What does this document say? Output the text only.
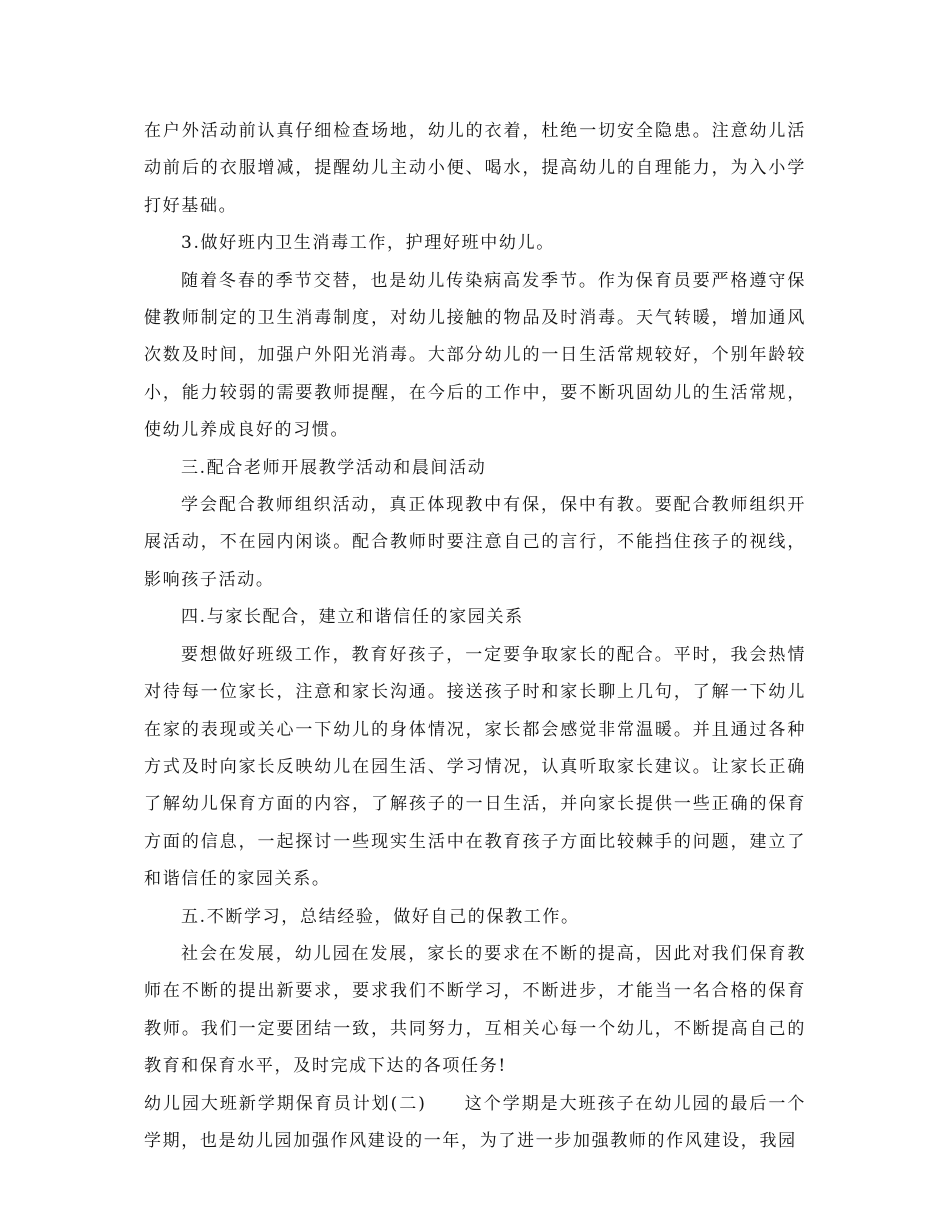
在户外活动前认真仔细检查场地，幼儿的衣着，杜绝一切安全隐患。注意幼儿活动前后的衣服增减，提醒幼儿主动小便、喝水，提高幼儿的自理能力，为入小学打好基础。

3.做好班内卫生消毒工作，护理好班中幼儿。

随着冬春的季节交替，也是幼儿传染病高发季节。作为保育员要严格遵守保健教师制定的卫生消毒制度，对幼儿接触的物品及时消毒。天气转暖，增加通风次数及时间，加强户外阳光消毒。大部分幼儿的一日生活常规较好，个别年龄较小，能力较弱的需要教师提醒，在今后的工作中，要不断巩固幼儿的生活常规，使幼儿养成良好的习惯。

三.配合老师开展教学活动和晨间活动

学会配合教师组织活动，真正体现教中有保，保中有教。要配合教师组织开展活动，不在园内闲谈。配合教师时要注意自己的言行，不能挡住孩子的视线，影响孩子活动。

四.与家长配合，建立和谐信任的家园关系

要想做好班级工作，教育好孩子，一定要争取家长的配合。平时，我会热情对待每一位家长，注意和家长沟通。接送孩子时和家长聊上几句，了解一下幼儿在家的表现或关心一下幼儿的身体情况，家长都会感觉非常温暖。并且通过各种方式及时向家长反映幼儿在园生活、学习情况，认真听取家长建议。让家长正确了解幼儿保育方面的内容，了解孩子的一日生活，并向家长提供一些正确的保育方面的信息，一起探讨一些现实生活中在教育孩子方面比较棘手的问题，建立了和谐信任的家园关系。

五.不断学习，总结经验，做好自己的保教工作。

社会在发展，幼儿园在发展，家长的要求在不断的提高，因此对我们保育教师在不断的提出新要求，要求我们不断学习，不断进步，才能当一名合格的保育教师。我们一定要团结一致，共同努力，互相关心每一个幼儿，不断提高自己的教育和保育水平，及时完成下达的各项任务!

幼儿园大班新学期保育员计划(二)　　这个学期是大班孩子在幼儿园的最后一个学期，也是幼儿园加强作风建设的一年，为了进一步加强教师的作风建设，我园
